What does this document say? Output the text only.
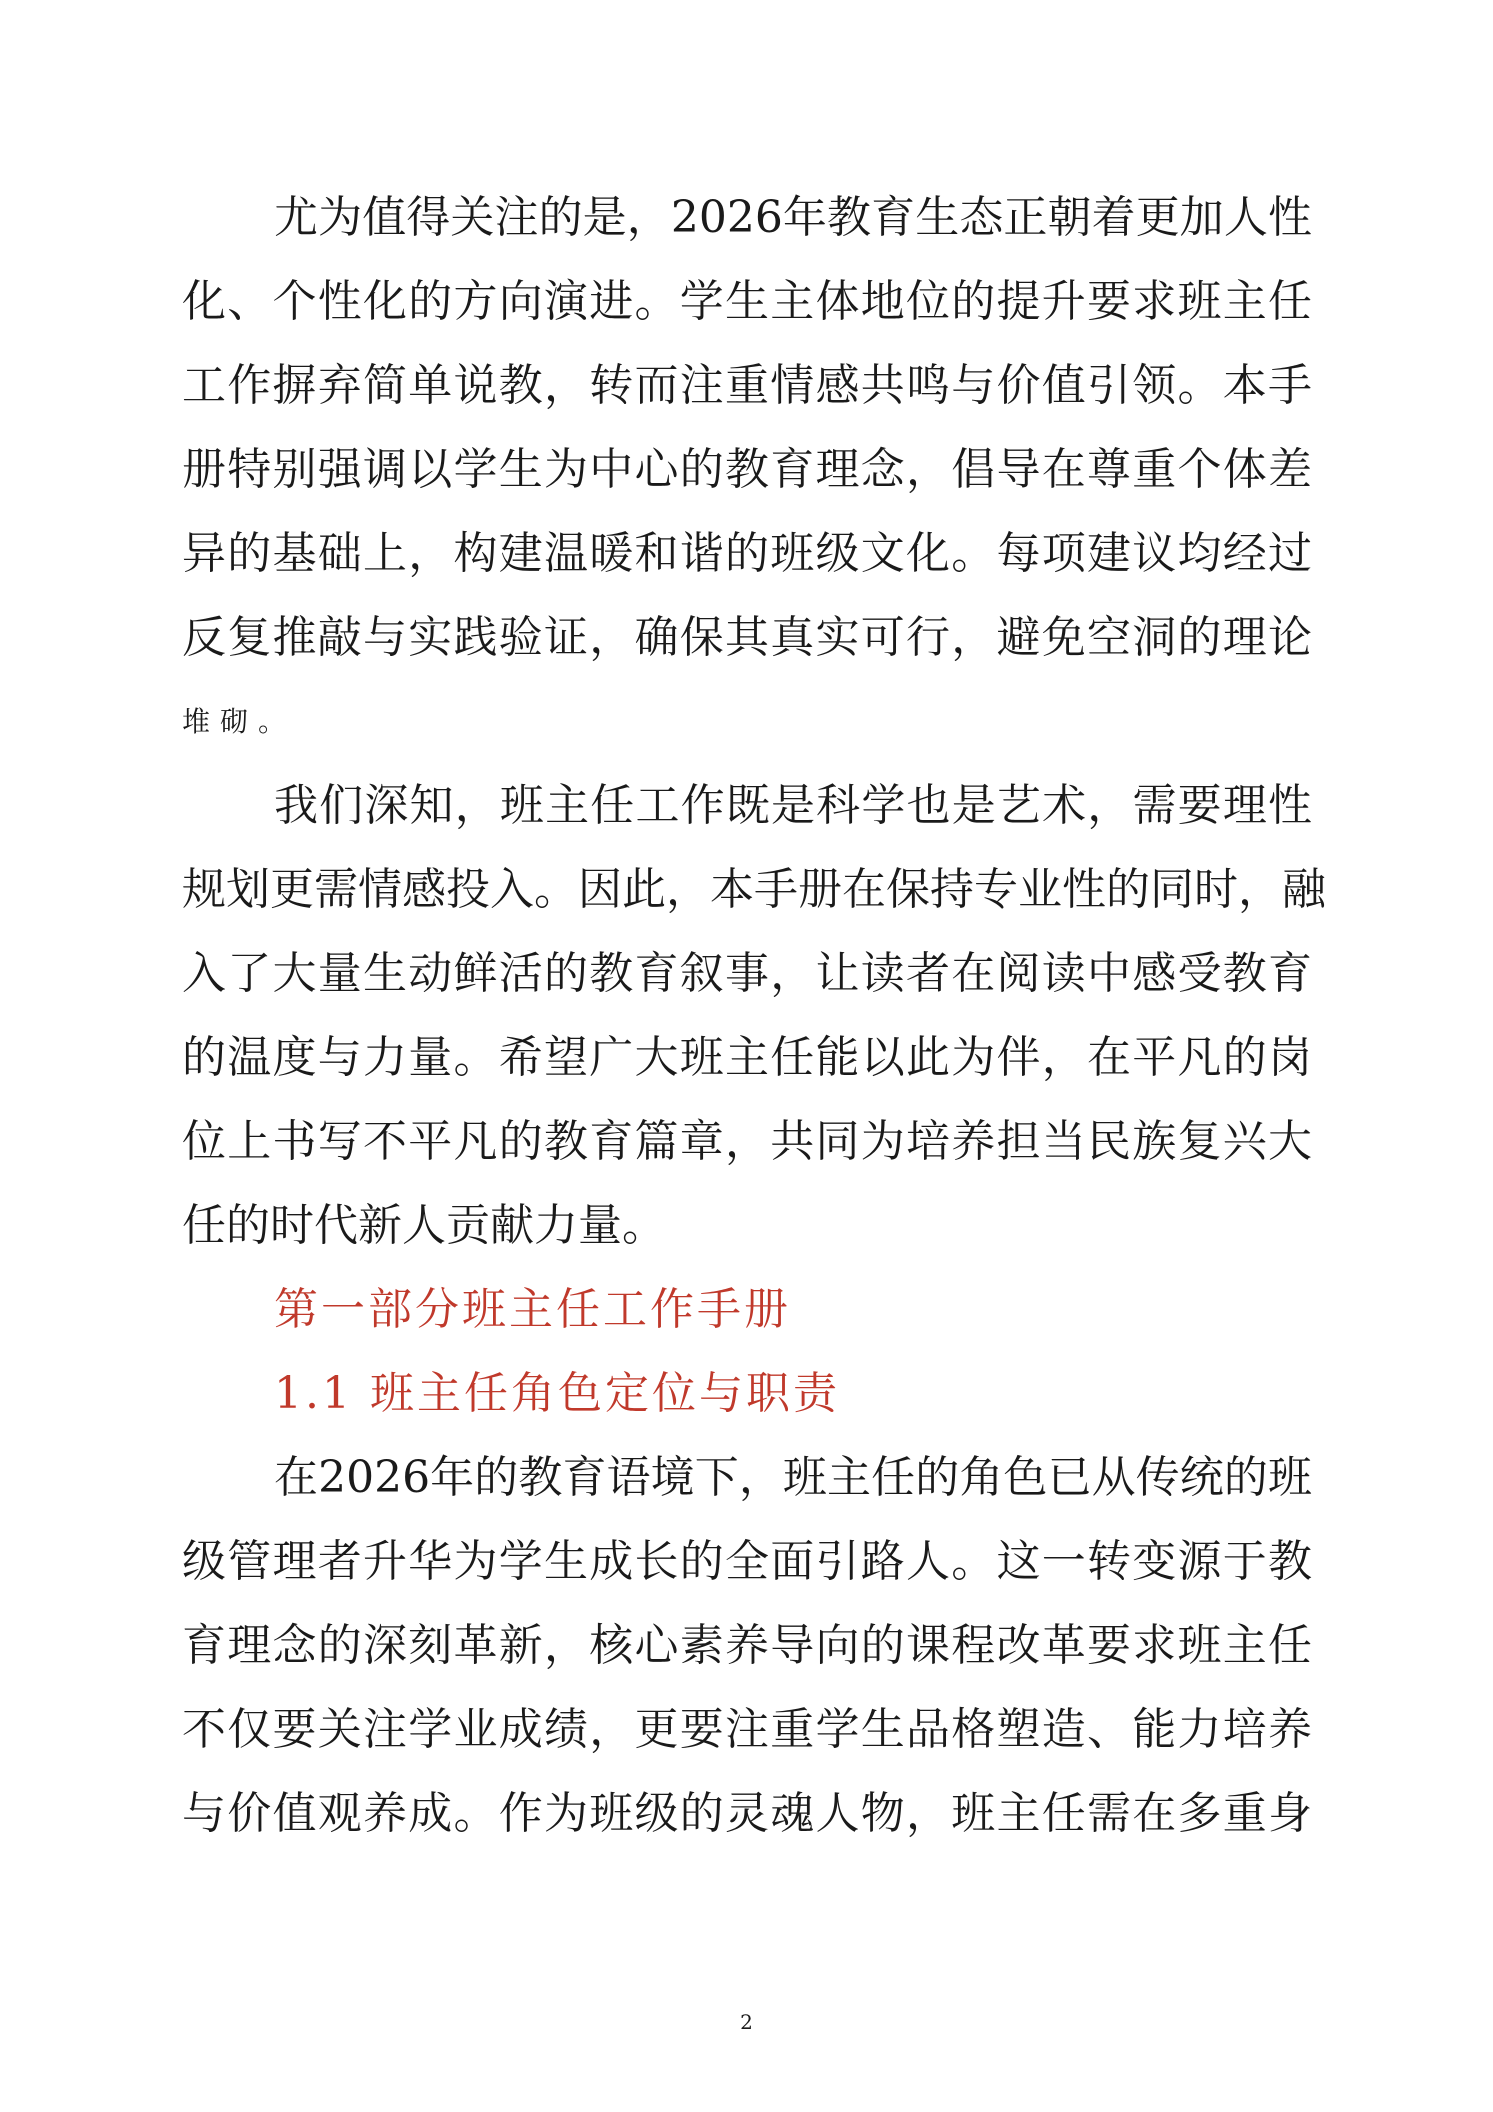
尤为值得关注的是，2026年教育生态正朝着更加人性
化、个性化的方向演进。学生主体地位的提升要求班主任
工作摒弃简单说教，转而注重情感共鸣与价值引领。本手
册特别强调以学生为中心的教育理念，倡导在尊重个体差
异的基础上，构建温暖和谐的班级文化。每项建议均经过
反复推敲与实践验证，确保其真实可行，避免空洞的理论
堆砌。
我们深知，班主任工作既是科学也是艺术，需要理性
规划更需情感投入。因此，本手册在保持专业性的同时，融
入了大量生动鲜活的教育叙事，让读者在阅读中感受教育
的温度与力量。希望广大班主任能以此为伴，在平凡的岗
位上书写不平凡的教育篇章，共同为培养担当民族复兴大
任的时代新人贡献力量。
第一部分班主任工作手册
1.1 班主任角色定位与职责
在2026年的教育语境下，班主任的角色已从传统的班
级管理者升华为学生成长的全面引路人。这一转变源于教
育理念的深刻革新，核心素养导向的课程改革要求班主任
不仅要关注学业成绩，更要注重学生品格塑造、能力培养
与价值观养成。作为班级的灵魂人物，班主任需在多重身
2
